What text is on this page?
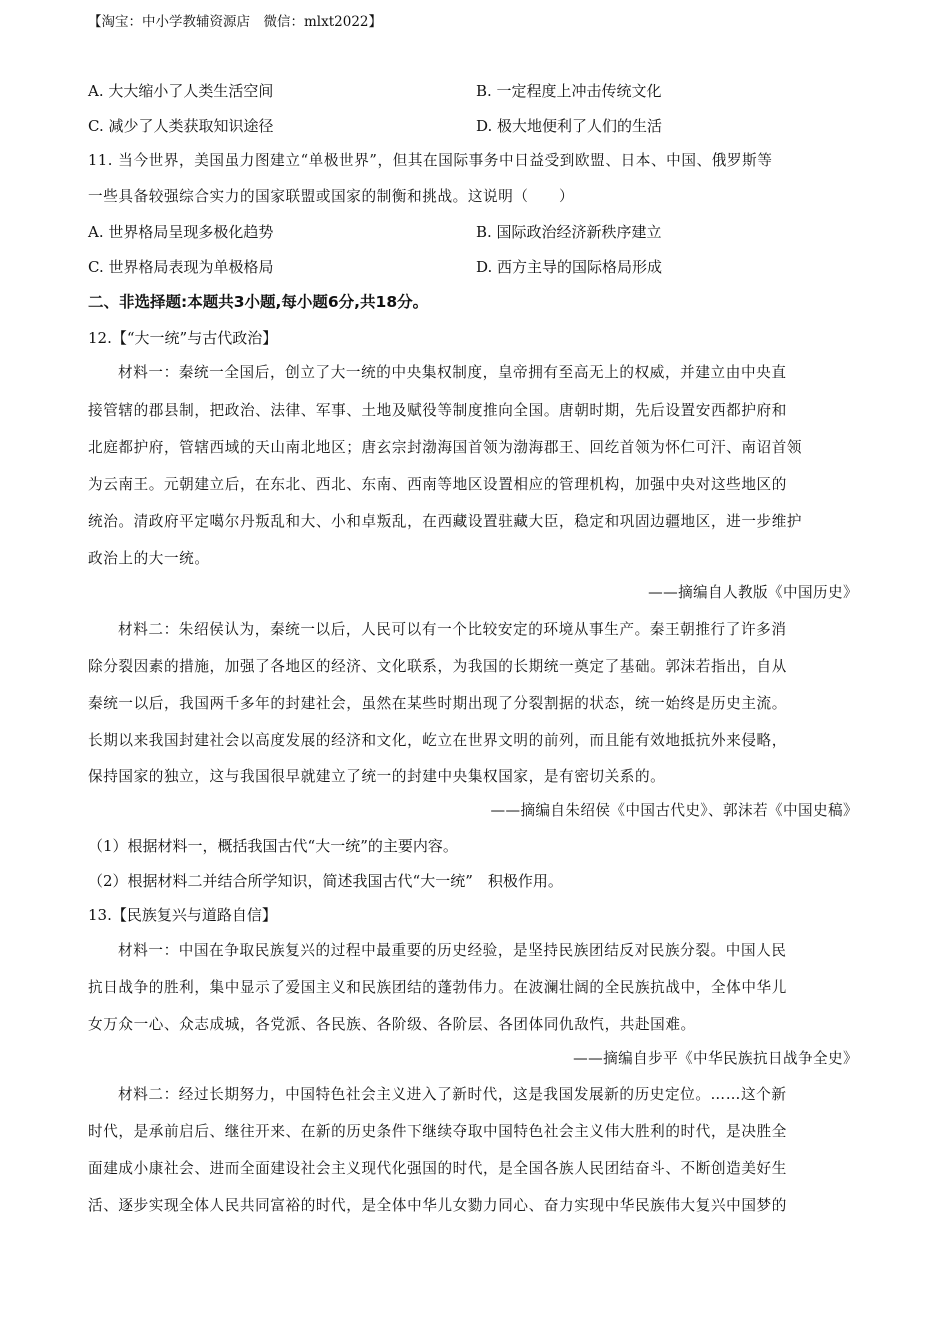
【淘宝：中小学教辅资源店　微信：mlxt2022】
A. 大大缩小了人类生活空间	B. 一定程度上冲击传统文化
C. 减少了人类获取知识途径	D. 极大地便利了人们的生活
11. 当今世界，美国虽力图建立“单极世界”，但其在国际事务中日益受到欧盟、日本、中国、俄罗斯等
一些具备较强综合实力的国家联盟或国家的制衡和挑战。这说明（　　）
A. 世界格局呈现多极化趋势	B. 国际政治经济新秩序建立
C. 世界格局表现为单极格局	D. 西方主导的国际格局形成
二、非选择题:本题共3小题,每小题6分,共18分。
12.【“大一统”与古代政治】
材料一：秦统一全国后，创立了大一统的中央集权制度，皇帝拥有至高无上的权威，并建立由中央直
接管辖的郡县制，把政治、法律、军事、土地及赋役等制度推向全国。唐朝时期，先后设置安西都护府和
北庭都护府，管辖西域的天山南北地区；唐玄宗封渤海国首领为渤海郡王、回纥首领为怀仁可汗、南诏首领
为云南王。元朝建立后，在东北、西北、东南、西南等地区设置相应的管理机构，加强中央对这些地区的
统治。清政府平定噶尔丹叛乱和大、小和卓叛乱，在西藏设置驻藏大臣，稳定和巩固边疆地区，进一步维护
政治上的大一统。
——摘编自人教版《中国历史》
材料二：朱绍侯认为，秦统一以后，人民可以有一个比较安定的环境从事生产。秦王朝推行了许多消
除分裂因素的措施，加强了各地区的经济、文化联系，为我国的长期统一奠定了基础。郭沫若指出，自从
秦统一以后，我国两千多年的封建社会，虽然在某些时期出现了分裂割据的状态，统一始终是历史主流。
长期以来我国封建社会以高度发展的经济和文化，屹立在世界文明的前列，而且能有效地抵抗外来侵略，
保持国家的独立，这与我国很早就建立了统一的封建中央集权国家，是有密切关系的。
——摘编自朱绍侯《中国古代史》、郭沫若《中国史稿》
（1）根据材料一，概括我国古代“大一统”的主要内容。
（2）根据材料二并结合所学知识，简述我国古代“大一统”　积极作用。
13.【民族复兴与道路自信】
材料一：中国在争取民族复兴的过程中最重要的历史经验，是坚持民族团结反对民族分裂。中国人民
抗日战争的胜利，集中显示了爱国主义和民族团结的蓬勃伟力。在波澜壮阔的全民族抗战中，全体中华儿
女万众一心、众志成城，各党派、各民族、各阶级、各阶层、各团体同仇敌忾，共赴国难。
——摘编自步平《中华民族抗日战争全史》
材料二：经过长期努力，中国特色社会主义进入了新时代，这是我国发展新的历史定位。……这个新
时代，是承前启后、继往开来、在新的历史条件下继续夺取中国特色社会主义伟大胜利的时代，是决胜全
面建成小康社会、进而全面建设社会主义现代化强国的时代，是全国各族人民团结奋斗、不断创造美好生
活、逐步实现全体人民共同富裕的时代，是全体中华儿女勠力同心、奋力实现中华民族伟大复兴中国梦的
